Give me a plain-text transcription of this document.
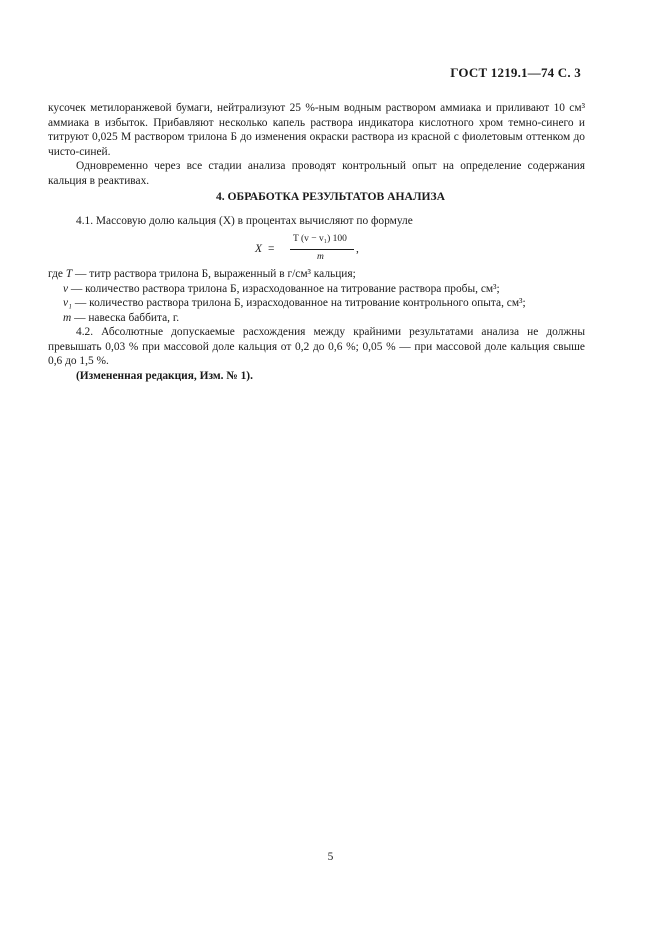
ГОСТ 1219.1—74 С. 3

кусочек метилоранжевой бумаги, нейтрализуют 25 %-ным водным раствором аммиака и приливают 10 см³ аммиака в избыток. Прибавляют несколько капель раствора индикатора кислотного хром темно-синего и титруют 0,025 М раствором трилона Б до изменения окраски раствора из красной с фиолетовым оттенком до чисто-синей.

Одновременно через все стадии анализа проводят контрольный опыт на определение содержания кальция в реактивах.

4. ОБРАБОТКА РЕЗУЛЬТАТОВ АНАЛИЗА

4.1. Массовую долю кальция (X) в процентах вычисляют по формуле

X =
T (v − v₁) 100
m
,

где T — титр раствора трилона Б, выраженный в г/см³ кальция;

v — количество раствора трилона Б, израсходованное на титрование раствора пробы, см³;

v₁ — количество раствора трилона Б, израсходованное на титрование контрольного опыта, см³;

m — навеска баббита, г.

4.2. Абсолютные допускаемые расхождения между крайними результатами анализа не должны превышать 0,03 % при массовой доле кальция от 0,2 до 0,6 %; 0,05 % — при массовой доле кальция свыше 0,6 до 1,5 %.

(Измененная редакция, Изм. № 1).

5
